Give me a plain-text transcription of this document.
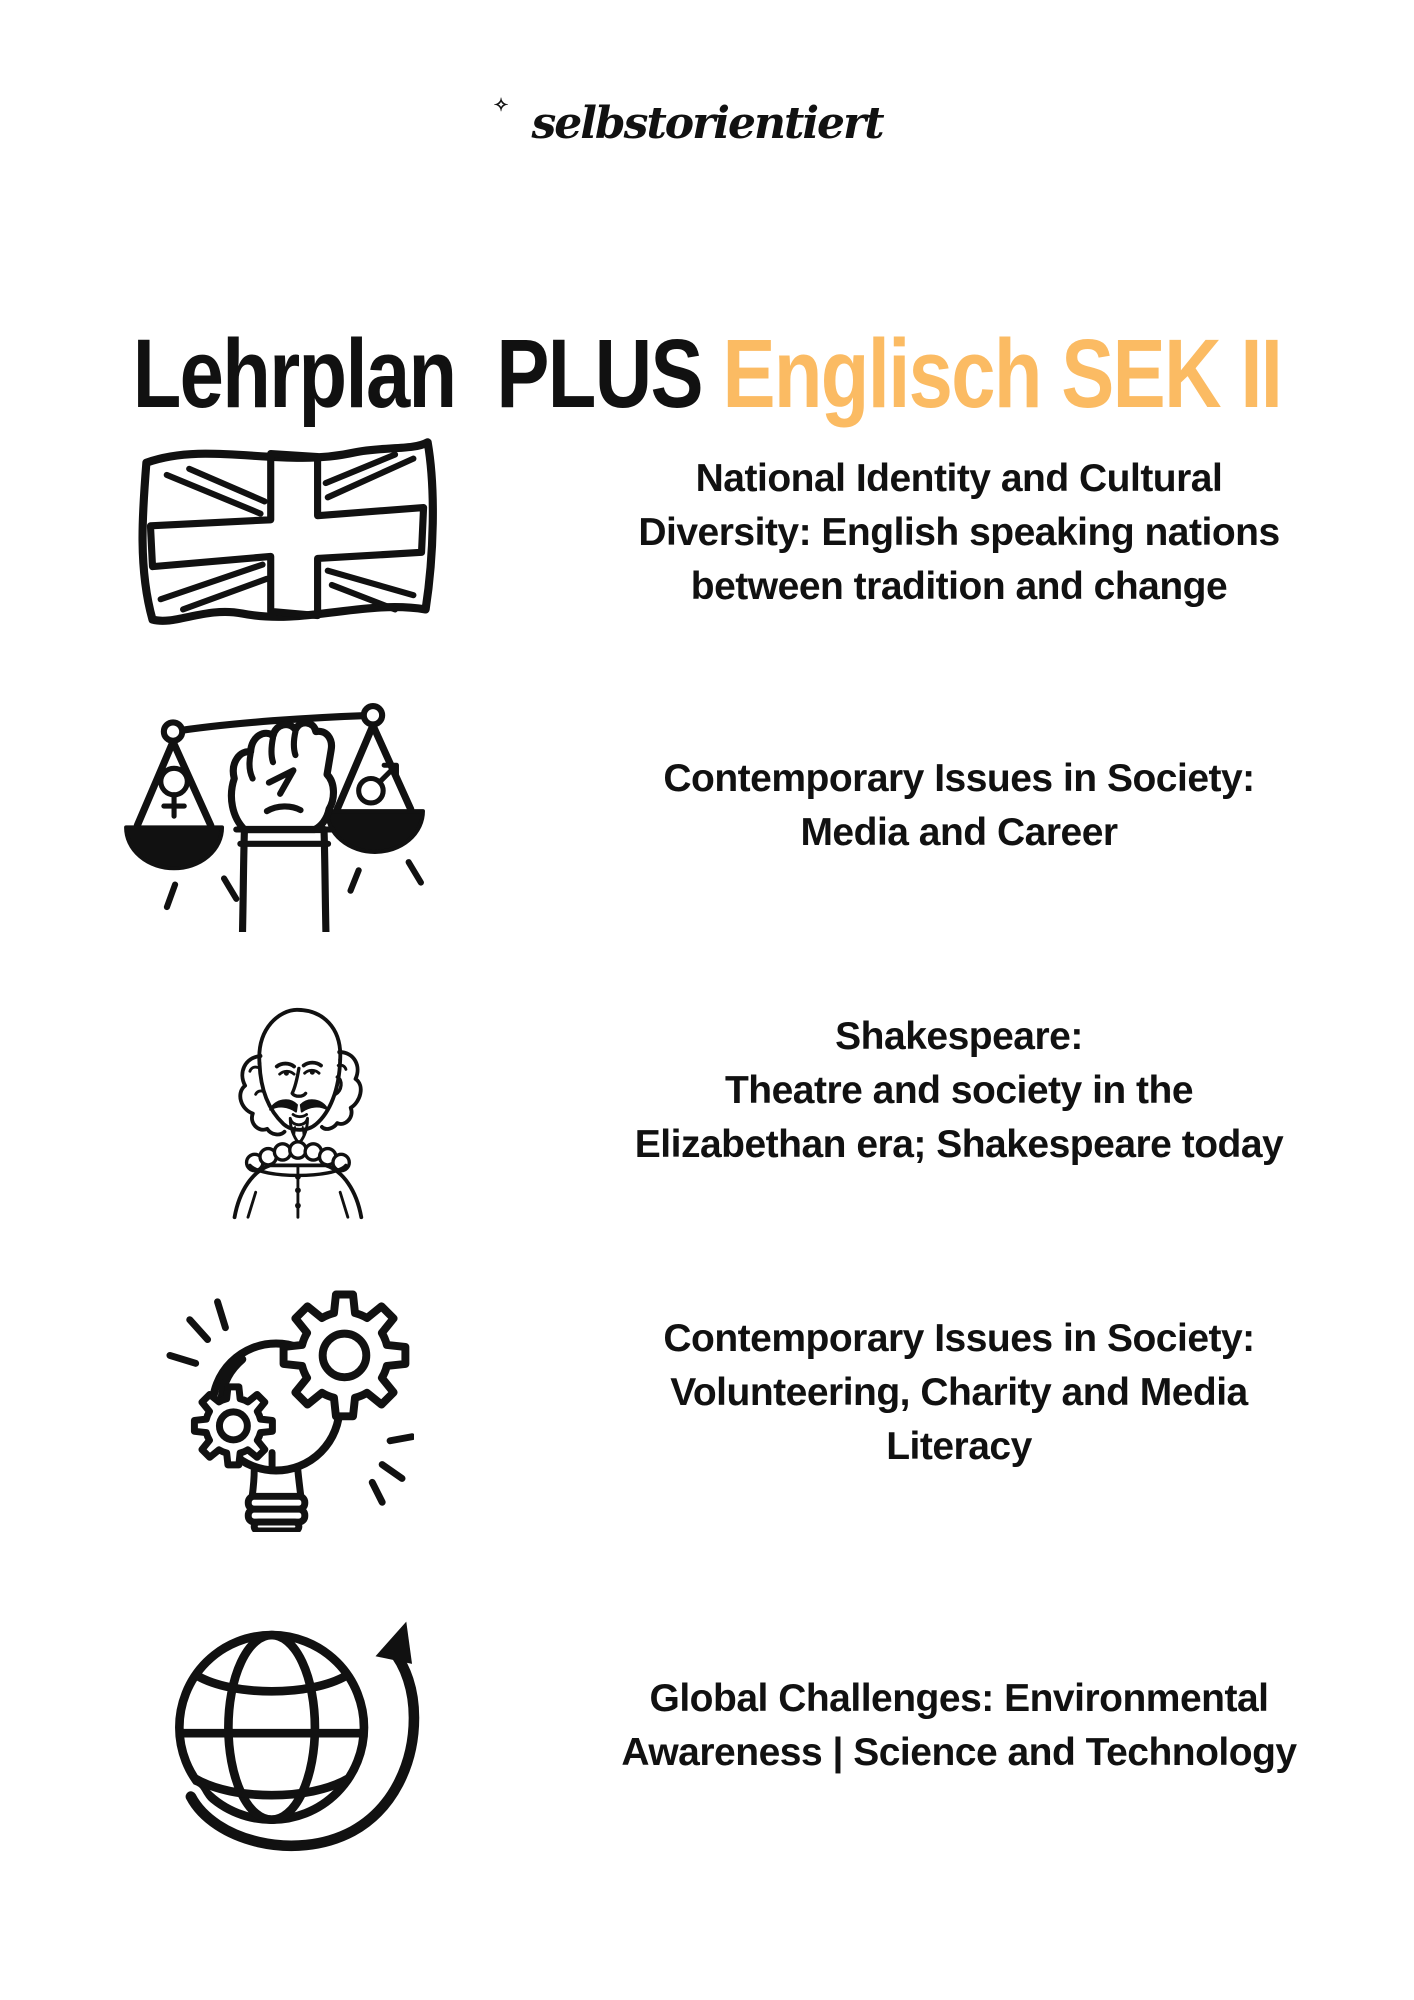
✧ selbstorientiert
Lehrplan  PLUS Englisch SEK II
National Identity and Cultural
Diversity: English speaking nations
between tradition and change
Contemporary Issues in Society:
Media and Career
Shakespeare:
Theatre and society in the
Elizabethan era; Shakespeare today
Contemporary Issues in Society:
Volunteering, Charity and Media
Literacy
Global Challenges: Environmental
Awareness | Science and Technology
